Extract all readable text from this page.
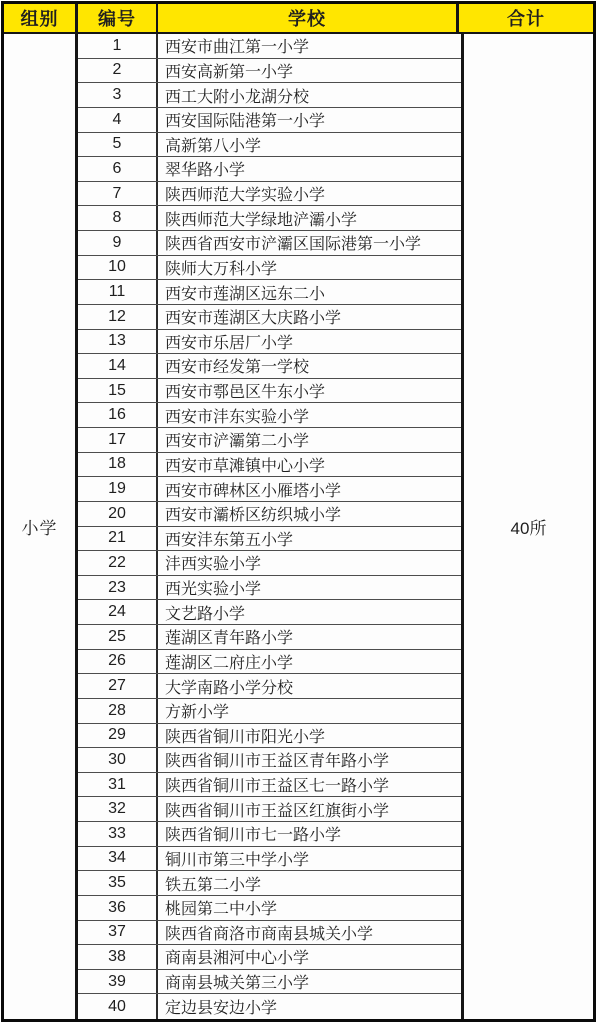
组别	编号	学校	合计
小学
1	西安市曲江第一小学
2	西安高新第一小学
3	西工大附小龙湖分校
4	西安国际陆港第一小学
5	高新第八小学
6	翠华路小学
7	陕西师范大学实验小学
8	陕西师范大学绿地浐灞小学
9	陕西省西安市浐灞区国际港第一小学
10	陕师大万科小学
11	西安市莲湖区远东二小
12	西安市莲湖区大庆路小学
13	西安市乐居厂小学
14	西安市经发第一学校
15	西安市鄠邑区牛东小学
16	西安市沣东实验小学
17	西安市浐灞第二小学
18	西安市草滩镇中心小学
19	西安市碑林区小雁塔小学
20	西安市灞桥区纺织城小学
21	西安沣东第五小学
22	沣西实验小学
23	西光实验小学
24	文艺路小学
25	莲湖区青年路小学
26	莲湖区二府庄小学
27	大学南路小学分校
28	方新小学
29	陕西省铜川市阳光小学
30	陕西省铜川市王益区青年路小学
31	陕西省铜川市王益区七一路小学
32	陕西省铜川市王益区红旗街小学
33	陕西省铜川市七一路小学
34	铜川市第三中学小学
35	铁五第二小学
36	桃园第二中小学
37	陕西省商洛市商南县城关小学
38	商南县湘河中心小学
39	商南县城关第三小学
40	定边县安边小学
40所
